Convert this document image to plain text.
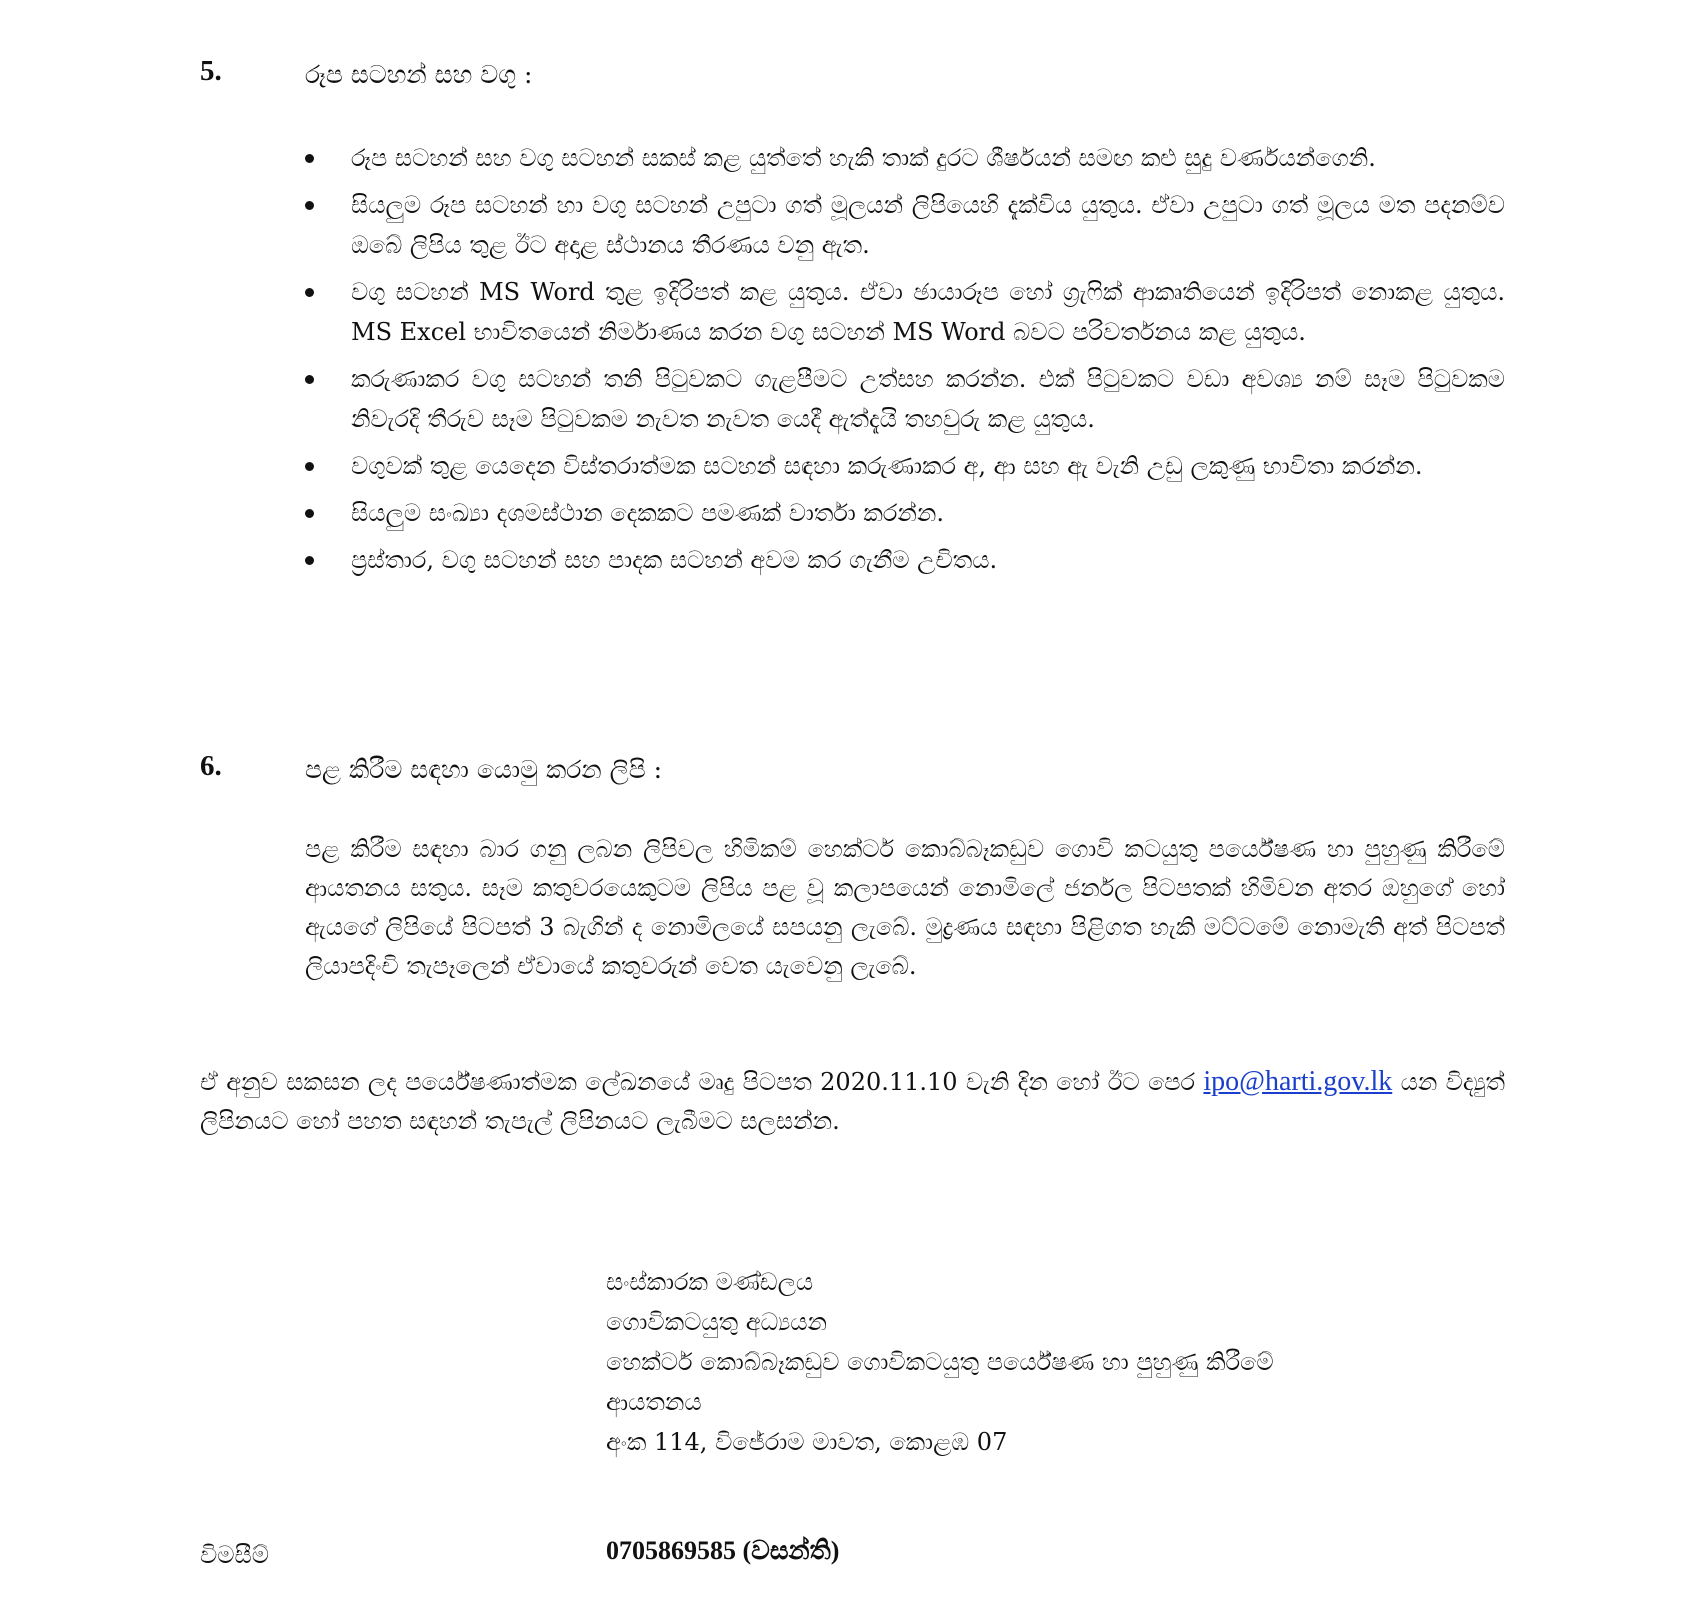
5.	රූප සටහන් සහ වගු :
රූප සටහන් සහ වගු සටහන් සකස් කළ යුත්තේ හැකි තාක් දුරට ශීර්ෂයන් සමඟ කළු සුදු වර්ණයන්ගෙනි.
සියලුම රූප සටහන් හා වගු සටහන් උපුටා ගත් මූලයන් ලිපියෙහි දැක්විය යුතුය. ඒවා උපුටා ගත් මූලය මත පදනම්ව ඔබේ ලිපිය තුළ ඊට අදාළ ස්ථානය තීරණය වනු ඇත.
වගු සටහන් MS Word තුළ ඉදිරිපත් කළ යුතුය. ඒවා ඡායාරූප හෝ ග්‍රැෆික් ආකෘතියෙන් ඉදිරිපත් නොකළ යුතුය. MS Excel භාවිතයෙන් නිර්මාණය කරන වගු සටහන් MS Word බවට පරිවර්තනය කළ යුතුය.
කරුණාකර වගු සටහන් තනි පිටුවකට ගැළපීමට උත්සහ කරන්න. එක් පිටුවකට වඩා අවශ්‍ය නම් සෑම පිටුවකම නිවැරදි තීරුව සෑම පිටුවකම නැවත නැවත යෙදී ඇත්දැයි තහවුරු කළ යුතුය.
වගුවක් තුළ යෙදෙන විස්තරාත්මක සටහන් සඳහා කරුණාකර අ, ආ සහ ඇ වැනි උඩු ලකුණු භාවිතා කරන්න.
සියලුම සංඛ්‍යා දශමස්ථාන දෙකකට පමණක් වාර්තා කරන්න.
ප්‍රස්තාර, වගු සටහන් සහ පාදක සටහන් අවම කර ගැනීම උචිතය.
6.	පළ කිරීම සඳහා යොමු කරන ලිපි :
පළ කිරීම සඳහා බාර ගනු ලබන ලිපිවල හිමිකම් හෙක්ටර් කොබ්බෑකඩුව ගොවි කටයුතු පර්යේෂණ හා පුහුණු කිරීමේ ආයතනය සතුය. සෑම කතුවරයෙකුටම ලිපිය පළ වූ කලාපයෙන් නොමිලේ ජර්නල පිටපතක් හිමිවන අතර ඔහුගේ හෝ ඇයගේ ලිපියේ පිටපත් 3 බැගින් ද නොමිලයේ සපයනු ලැබේ. මුද්‍රණය සඳහා පිළිගත හැකි මට්ටමේ නොමැති අත් පිටපත් ලියාපදිංචි තැපෑලෙන් ඒවායේ කතුවරුන් වෙත යැවෙනු ලැබේ.
ඒ අනුව සකසන ලද පර්යේෂණාත්මක ලේඛනයේ මෘදු පිටපත 2020.11.10 වැනි දින හෝ ඊට පෙර ipo@harti.gov.lk යන විද්‍යුත් ලිපිනයට හෝ පහත සඳහන් තැපැල් ලිපිනයට ලැබීමට සලසන්න.
සංස්කාරක මණ්ඩලය
ගොවිකටයුතු අධ්‍යයන
හෙක්ටර් කොබ්බෑකඩුව ගොවිකටයුතු පර්යේෂණ හා පුහුණු කිරීමේ
ආයතනය
අංක 114, විජේරාම මාවත, කොළඹ 07
විමසීම්	0705869585 (වසන්ති)
